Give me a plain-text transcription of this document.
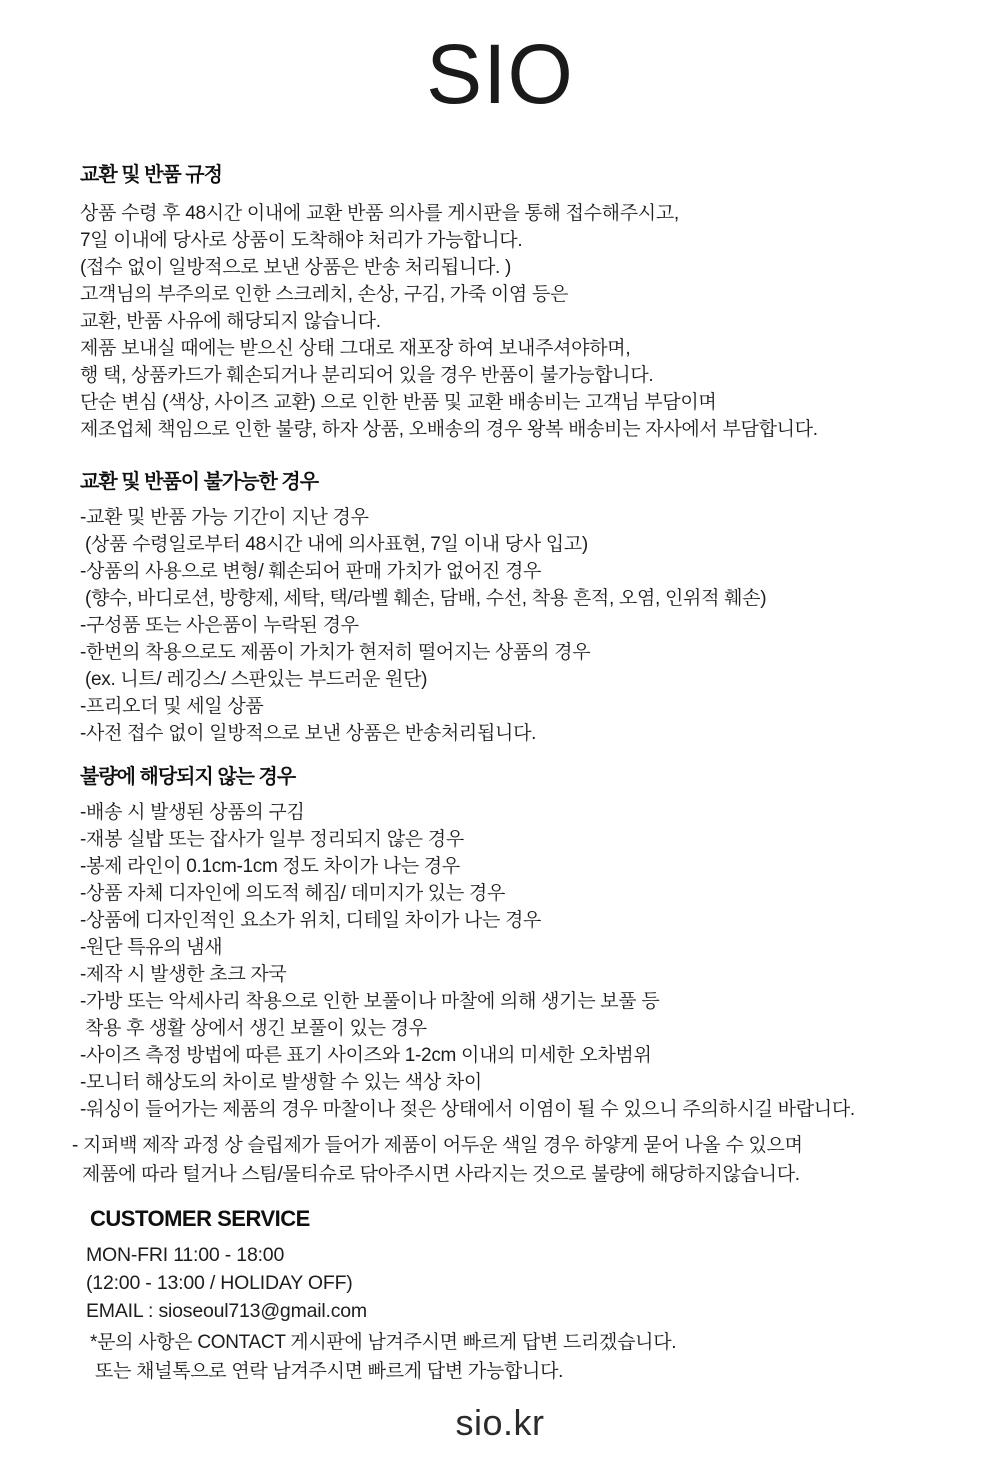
SIO
교환 및 반품 규정
상품 수령 후 48시간 이내에 교환 반품 의사를 게시판을 통해 접수해주시고,
7일 이내에 당사로 상품이 도착해야 처리가 가능합니다.
(접수 없이 일방적으로 보낸 상품은 반송 처리됩니다. )
고객님의 부주의로 인한 스크레치, 손상, 구김, 가죽 이염 등은
교환, 반품 사유에 해당되지 않습니다.
제품 보내실 때에는 받으신 상태 그대로 재포장 하여 보내주셔야하며,
행 택, 상품카드가 훼손되거나 분리되어 있을 경우 반품이 불가능합니다.
단순 변심 (색상, 사이즈 교환) 으로 인한 반품 및 교환 배송비는 고객님 부담이며
제조업체 책임으로 인한 불량, 하자 상품, 오배송의 경우 왕복 배송비는 자사에서 부담합니다.
교환 및 반품이 불가능한 경우
-교환 및 반품 가능 기간이 지난 경우
(상품 수령일로부터 48시간 내에 의사표현, 7일 이내 당사 입고)
-상품의 사용으로 변형/ 훼손되어 판매 가치가 없어진 경우
(향수, 바디로션, 방향제, 세탁, 택/라벨 훼손, 담배, 수선, 착용 흔적, 오염, 인위적 훼손)
-구성품 또는 사은품이 누락된 경우
-한번의 착용으로도 제품이 가치가 현저히 떨어지는 상품의 경우
(ex. 니트/ 레깅스/ 스판있는 부드러운 원단)
-프리오더 및 세일 상품
-사전 접수 없이 일방적으로 보낸 상품은 반송처리됩니다.
불량에 해당되지 않는 경우
-배송 시 발생된 상품의 구김
-재봉 실밥 또는 잡사가 일부 정리되지 않은 경우
-봉제 라인이 0.1cm-1cm 정도 차이가 나는 경우
-상품 자체 디자인에 의도적 헤짐/ 데미지가 있는 경우
-상품에 디자인적인 요소가 위치, 디테일 차이가 나는 경우
-원단 특유의 냄새
-제작 시 발생한 초크 자국
-가방 또는 악세사리 착용으로 인한 보풀이나 마찰에 의해 생기는 보풀 등
착용 후 생활 상에서 생긴 보풀이 있는 경우
-사이즈 측정 방법에 따른 표기 사이즈와 1-2cm 이내의 미세한 오차범위
-모니터 해상도의 차이로 발생할 수 있는 색상 차이
-워싱이 들어가는 제품의 경우 마찰이나 젖은 상태에서 이염이 될 수 있으니 주의하시길 바랍니다.
- 지퍼백 제작 과정 상 슬립제가 들어가 제품이 어두운 색일 경우 하얗게 묻어 나올 수 있으며
제품에 따라 털거나 스팀/물티슈로 닦아주시면 사라지는 것으로 불량에 해당하지않습니다.
CUSTOMER SERVICE
MON-FRI 11:00 - 18:00
(12:00 - 13:00 / HOLIDAY OFF)
EMAIL : sioseoul713@gmail.com
*문의 사항은 CONTACT 게시판에 남겨주시면 빠르게 답변 드리겠습니다.
또는 채널톡으로 연락 남겨주시면 빠르게 답변 가능합니다.
sio.kr
